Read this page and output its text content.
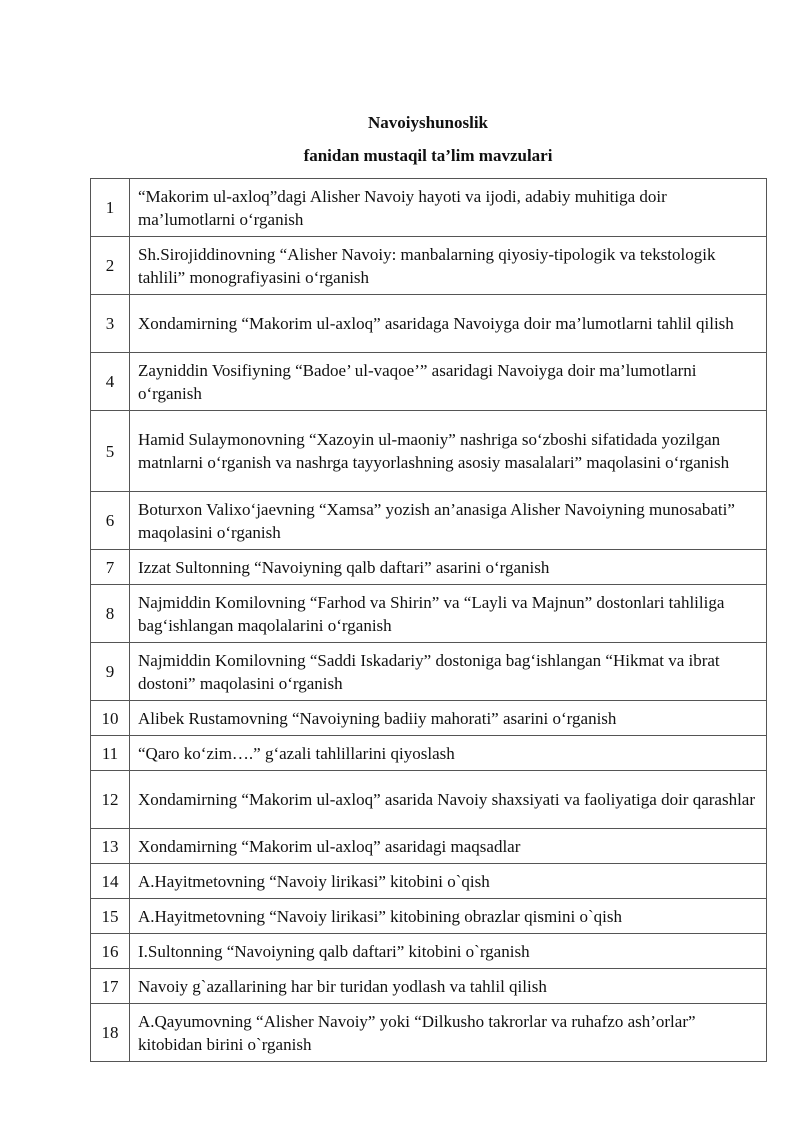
Navoiyshunoslik

fanidan mustaqil ta’lim mavzulari

1	“Makorim ul-axloq”dagi Alisher Navoiy hayoti va ijodi, adabiy muhitiga doir ma’lumotlarni o‘rganish
2	Sh.Sirojiddinovning “Alisher Navoiy: manbalarning qiyosiy-tipologik va tekstologik tahlili” monografiyasini o‘rganish
3	Xondamirning “Makorim ul-axloq” asaridaga Navoiyga doir ma’lumotlarni tahlil qilish
4	Zayniddin Vosifiyning “Badoe’ ul-vaqoe’” asaridagi Navoiyga doir ma’lumotlarni o‘rganish
5	Hamid Sulaymonovning “Xazoyin ul-maoniy” nashriga so‘zboshi sifatidada yozilgan matnlarni o‘rganish va nashrga tayyorlashning asosiy masalalari” maqolasini o‘rganish
6	Boturxon Valixo‘jaevning “Xamsa” yozish an’anasiga Alisher Navoiyning munosabati” maqolasini o‘rganish
7	Izzat Sultonning “Navoiyning qalb daftari” asarini o‘rganish
8	Najmiddin Komilovning “Farhod va Shirin” va “Layli va Majnun” dostonlari tahliliga bag‘ishlangan maqolalarini o‘rganish
9	Najmiddin Komilovning “Saddi Iskadariy” dostoniga bag‘ishlangan “Hikmat va ibrat dostoni” maqolasini o‘rganish
10	Alibek Rustamovning “Navoiyning badiiy mahorati” asarini o‘rganish
11	“Qaro ko‘zim….” g‘azali tahlillarini qiyoslash
12	Xondamirning “Makorim ul-axloq” asarida Navoiy shaxsiyati va faoliyatiga doir qarashlar
13	Xondamirning “Makorim ul-axloq” asaridagi maqsadlar
14	A.Hayitmetovning “Navoiy lirikasi” kitobini o`qish
15	A.Hayitmetovning “Navoiy lirikasi” kitobining obrazlar qismini o`qish
16	I.Sultonning “Navoiyning qalb daftari” kitobini o`rganish
17	Navoiy g`azallarining har bir turidan yodlash va tahlil qilish
18	A.Qayumovning “Alisher Navoiy” yoki “Dilkusho takrorlar va ruhafzo ash’orlar” kitobidan birini o`rganish
